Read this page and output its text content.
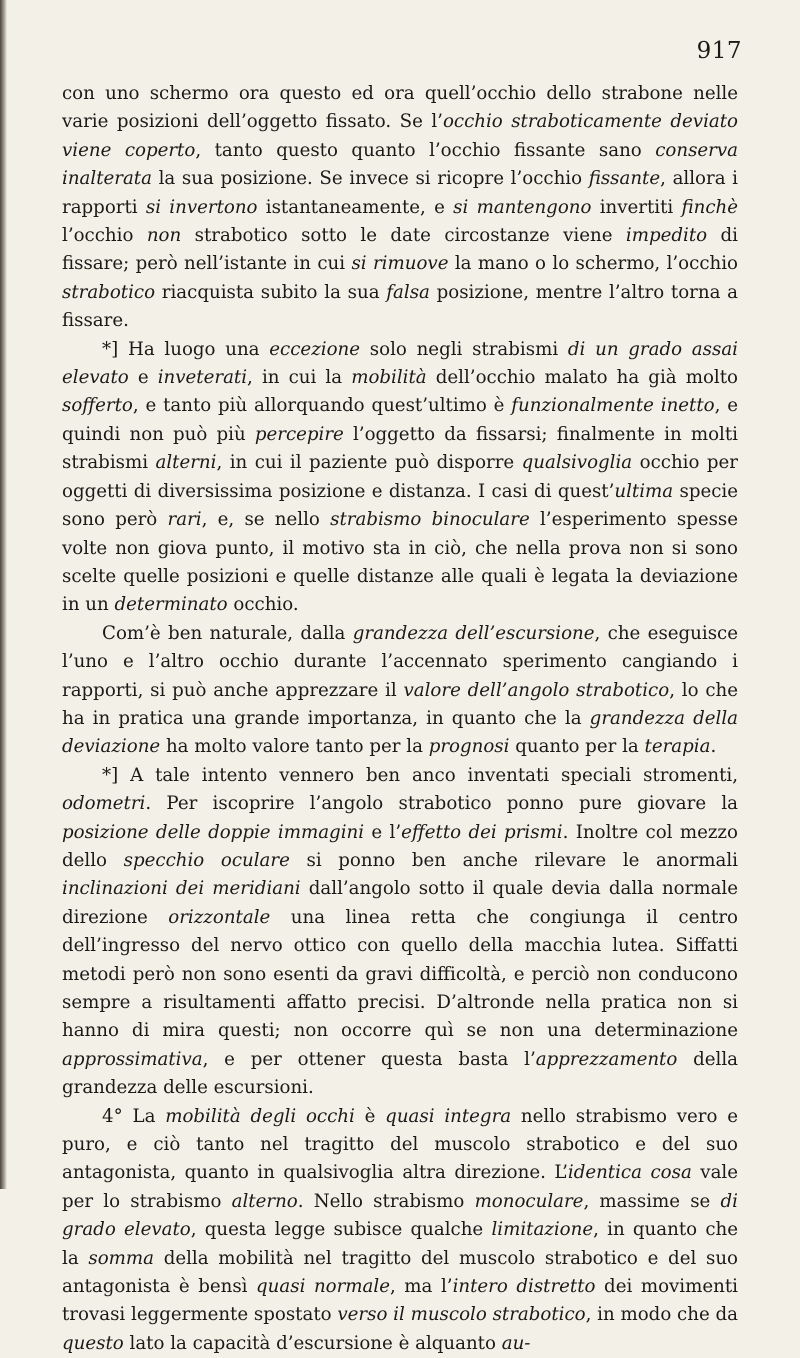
917

con uno schermo ora questo ed ora quell’occhio dello strabone nelle varie posizioni dell’oggetto fissato. Se l’occhio straboticamente deviato viene coperto, tanto questo quanto l’occhio fissante sano conserva inalterata la sua posizione. Se invece si ricopre l’occhio fissante, allora i rapporti si invertono istantaneamente, e si mantengono invertiti finchè l’occhio non strabotico sotto le date circostanze viene impedito di fissare; però nell’istante in cui si rimuove la mano o lo schermo, l’occhio strabotico riacquista subito la sua falsa posizione, mentre l’altro torna a fissare.

*] Ha luogo una eccezione solo negli strabismi di un grado assai elevato e inveterati, in cui la mobilità dell’occhio malato ha già molto sofferto, e tanto più allorquando quest’ultimo è funzionalmente inetto, e quindi non può più percepire l’oggetto da fissarsi; finalmente in molti strabismi alterni, in cui il paziente può disporre qualsivoglia occhio per oggetti di diversissima posizione e distanza. I casi di quest’ultima specie sono però rari, e, se nello strabismo binoculare l’esperimento spesse volte non giova punto, il motivo sta in ciò, che nella prova non si sono scelte quelle posizioni e quelle distanze alle quali è legata la deviazione in un determinato occhio.

Com’è ben naturale, dalla grandezza dell’escursione, che eseguisce l’uno e l’altro occhio durante l’accennato sperimento cangiando i rapporti, si può anche apprezzare il valore dell’angolo strabotico, lo che ha in pratica una grande importanza, in quanto che la grandezza della deviazione ha molto valore tanto per la prognosi quanto per la terapia.

*] A tale intento vennero ben anco inventati speciali stromenti, odometri. Per iscoprire l’angolo strabotico ponno pure giovare la posizione delle doppie immagini e l’effetto dei prismi. Inoltre col mezzo dello specchio oculare si ponno ben anche rilevare le anormali inclinazioni dei meridiani dall’angolo sotto il quale devia dalla normale direzione orizzontale una linea retta che congiunga il centro dell’ingresso del nervo ottico con quello della macchia lutea. Siffatti metodi però non sono esenti da gravi difficoltà, e perciò non conducono sempre a risultamenti affatto precisi. D’altronde nella pratica non si hanno di mira questi; non occorre quì se non una determinazione approssimativa, e per ottener questa basta l’apprezzamento della grandezza delle escursioni.

4° La mobilità degli occhi è quasi integra nello strabismo vero e puro, e ciò tanto nel tragitto del muscolo strabotico e del suo antagonista, quanto in qualsivoglia altra direzione. L’identica cosa vale per lo strabismo alterno. Nello strabismo monoculare, massime se di grado elevato, questa legge subisce qualche limitazione, in quanto che la somma della mobilità nel tragitto del muscolo strabotico e del suo antagonista è bensì quasi normale, ma l’intero distretto dei movimenti trovasi leggermente spostato verso il muscolo strabotico, in modo che da questo lato la capacità d’escursione è alquanto au-
